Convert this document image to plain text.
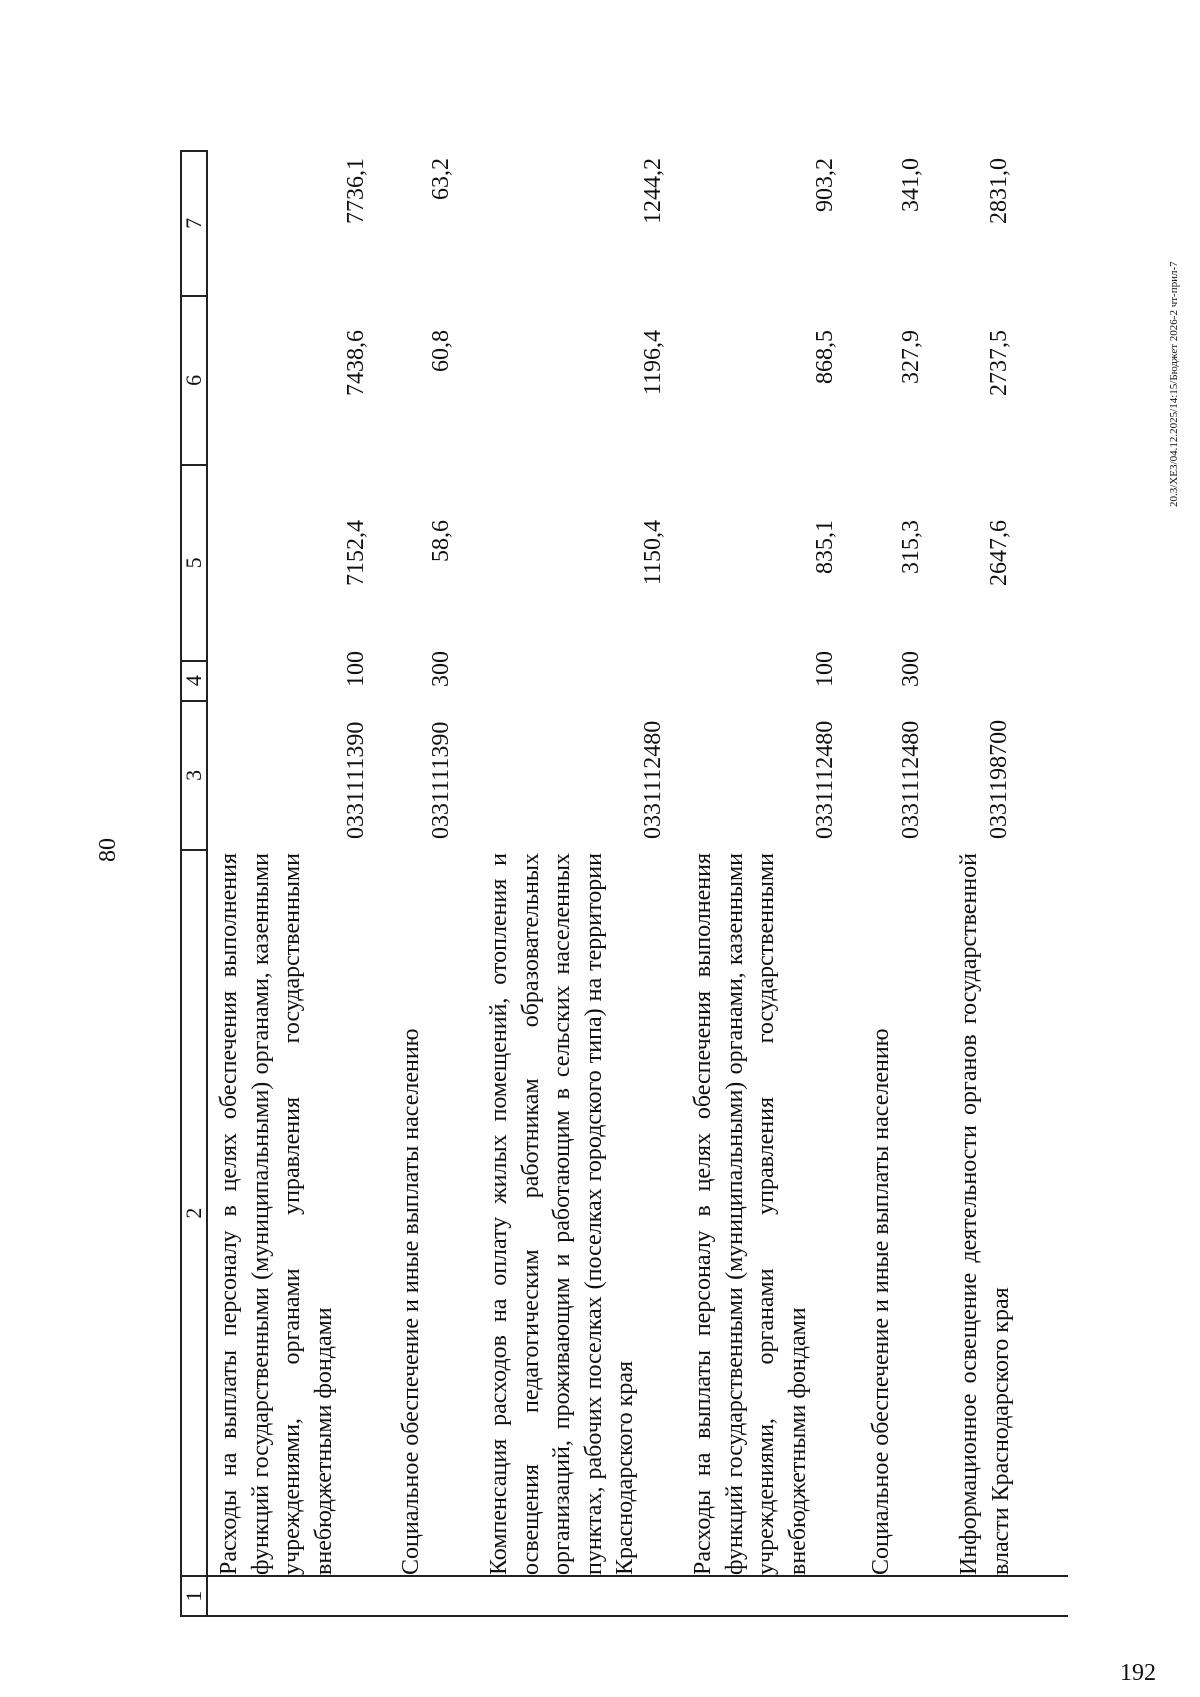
80
1
2
3
4
5
6
7
Расходы на выплаты персоналу в целях обеспечения выполнения функций государственными (муниципальными) органами, казенными учреждениями, органами управления государственными внебюджетными фондами
0331111390
100
7152,4
7438,6
7736,1
Социальное обеспечение и иные выплаты населению
0331111390
300
58,6
60,8
63,2
Компенсация расходов на оплату жилых помещений, отопления и освещения педагогическим работникам образовательных организаций, проживающим и работающим в сельских населенных пунктах, рабочих поселках (поселках городского типа) на территории Краснодарского края
0331112480
1150,4
1196,4
1244,2
Расходы на выплаты персоналу в целях обеспечения выполнения функций государственными (муниципальными) органами, казенными учреждениями, органами управления государственными внебюджетными фондами
0331112480
100
835,1
868,5
903,2
Социальное обеспечение и иные выплаты населению
0331112480
300
315,3
327,9
341,0
Информационное освещение деятельности органов государственной власти Краснодарского края
0331198700
2647,6
2737,5
2831,0
20.3/ХЕЗ/04.12.2025/14:15/Бюджет 2026-2 чт-прил-7
192
